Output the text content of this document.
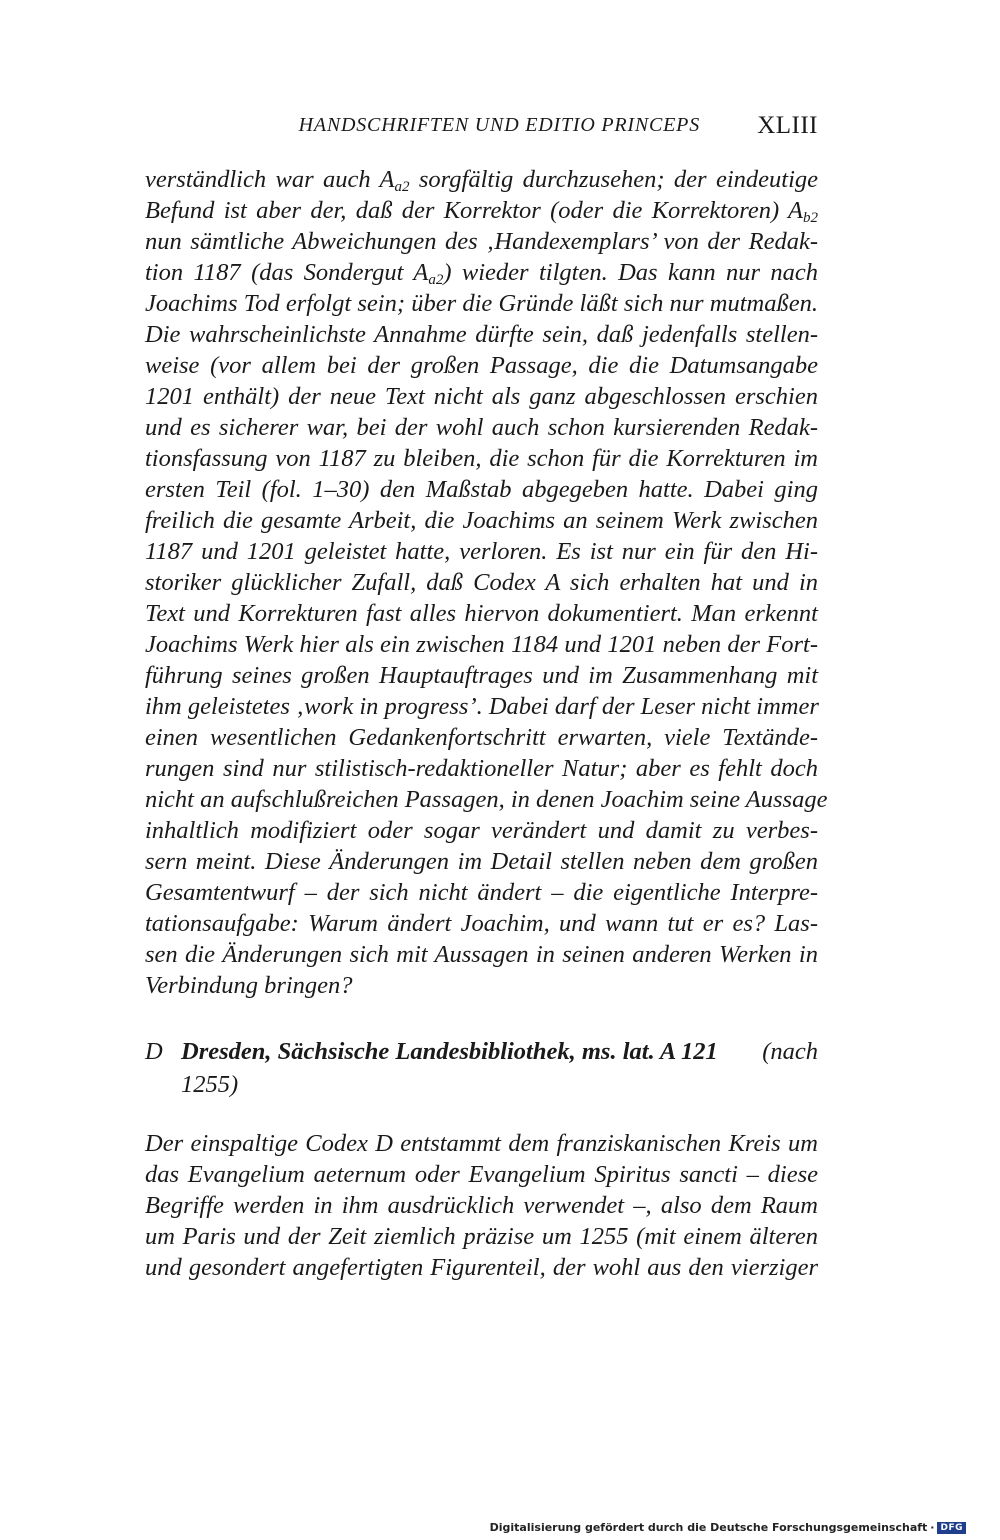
HANDSCHRIFTEN UND EDITIO PRINCEPS XLIII
verständlich war auch $A_{a2}$ sorgfältig durchzusehen; der eindeutige
Befund ist aber der, daß der Korrektor (oder die Korrektoren) $A_{b2}$
nun sämtliche Abweichungen des ‚Handexemplars’ von der Redak-
tion 1187 (das Sondergut $A_{a2}$) wieder tilgten. Das kann nur nach
Joachims Tod erfolgt sein; über die Gründe läßt sich nur mutmaßen.
Die wahrscheinlichste Annahme dürfte sein, daß jedenfalls stellen-
weise (vor allem bei der großen Passage, die die Datumsangabe
1201 enthält) der neue Text nicht als ganz abgeschlossen erschien
und es sicherer war, bei der wohl auch schon kursierenden Redak-
tionsfassung von 1187 zu bleiben, die schon für die Korrekturen im
ersten Teil (fol. 1–30) den Maßstab abgegeben hatte. Dabei ging
freilich die gesamte Arbeit, die Joachims an seinem Werk zwischen
1187 und 1201 geleistet hatte, verloren. Es ist nur ein für den Hi-
storiker glücklicher Zufall, daß Codex A sich erhalten hat und in
Text und Korrekturen fast alles hiervon dokumentiert. Man erkennt
Joachims Werk hier als ein zwischen 1184 und 1201 neben der Fort-
führung seines großen Hauptauftrages und im Zusammenhang mit
ihm geleistetes ‚work in progress’. Dabei darf der Leser nicht immer
einen wesentlichen Gedankenfortschritt erwarten, viele Textände-
rungen sind nur stilistisch-redaktioneller Natur; aber es fehlt doch
nicht an aufschlußreichen Passagen, in denen Joachim seine Aussage
inhaltlich modifiziert oder sogar verändert und damit zu verbes-
sern meint. Diese Änderungen im Detail stellen neben dem großen
Gesamtentwurf – der sich nicht ändert – die eigentliche Interpre-
tationsaufgabe: Warum ändert Joachim, und wann tut er es? Las-
sen die Änderungen sich mit Aussagen in seinen anderen Werken in
Verbindung bringen?
D Dresden, Sächsische Landesbibliothek, ms. lat. A 121 (nach
1255)
Der einspaltige Codex D entstammt dem franziskanischen Kreis um
das Evangelium aeternum oder Evangelium Spiritus sancti – diese
Begriffe werden in ihm ausdrücklich verwendet –, also dem Raum
um Paris und der Zeit ziemlich präzise um 1255 (mit einem älteren
und gesondert angefertigten Figurenteil, der wohl aus den vierziger
Digitalisierung gefördert durch die Deutsche Forschungsgemeinschaft · DFG
